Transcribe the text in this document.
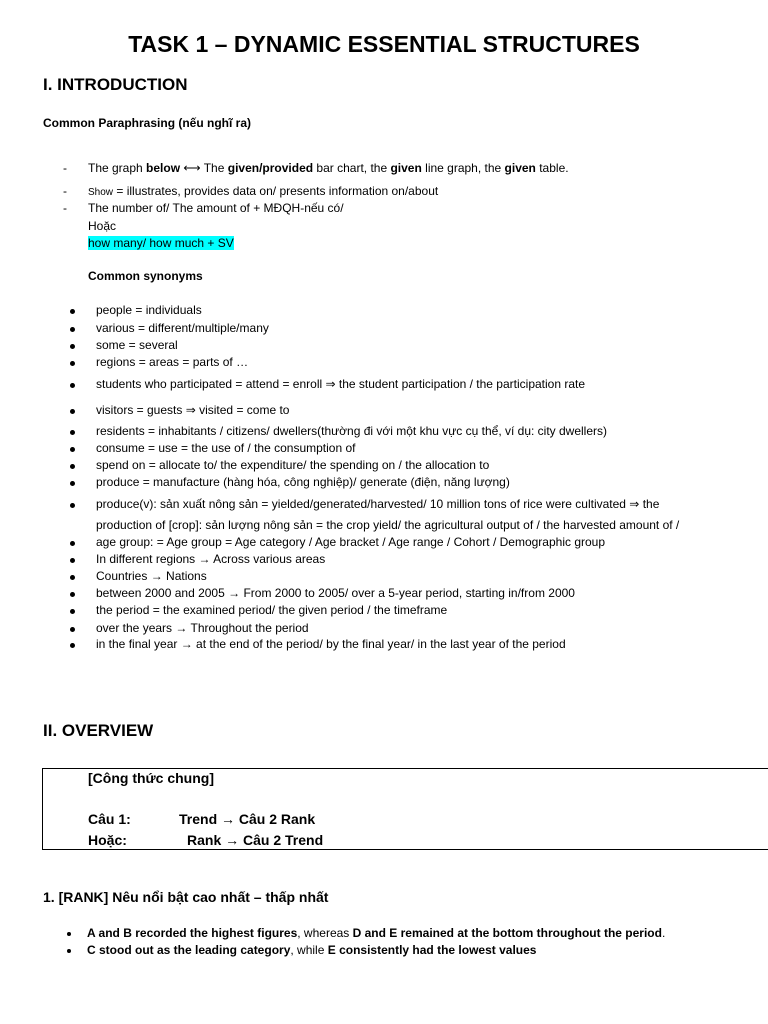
TASK 1 – DYNAMIC ESSENTIAL STRUCTURES
I. INTRODUCTION
Common Paraphrasing (nếu nghĩ ra)
- The graph below ⟷ The given/provided bar chart, the given line graph, the given table.
- Show = illustrates, provides data on/ presents information on/about
- The number of/ The amount of + MĐQH-nếu có/
Hoặc
how many/ how much + SV
Common synonyms
people = individuals
various = different/multiple/many
some = several
regions = areas = parts of …
students who participated = attend = enroll ⇒ the student participation / the participation rate
visitors = guests ⇒ visited = come to
residents = inhabitants / citizens/ dwellers(thường đi với một khu vực cụ thể, ví dụ: city dwellers)
consume = use = the use of / the consumption of
spend on = allocate to/ the expenditure/ the spending on / the allocation to
produce = manufacture (hàng hóa, công nghiệp)/ generate (điện, năng lượng)
produce(v): sản xuất nông sản = yielded/generated/harvested/ 10 million tons of rice were cultivated ⇒ the
age group: = Age group = Age category / Age bracket / Age range / Cohort / Demographic group
In different regions → Across various areas
Countries → Nations
between 2000 and 2005 → From 2000 to 2005/ over a 5-year period, starting in/from 2000
the period = the examined period/ the given period / the timeframe
over the years → Throughout the period
in the final year → at the end of the period/ by the final year/ in the last year of the period
production of [crop]: sản lượng nông sản = the crop yield/ the agricultural output of / the harvested amount of /
II. OVERVIEW
[Công thức chung]
Câu 1:	Trend → Câu 2 Rank
Hoặc:	Rank → Câu 2 Trend
1. [RANK] Nêu nổi bật cao nhất – thấp nhất
A and B recorded the highest figures, whereas D and E remained at the bottom throughout the period.
C stood out as the leading category, while E consistently had the lowest values
